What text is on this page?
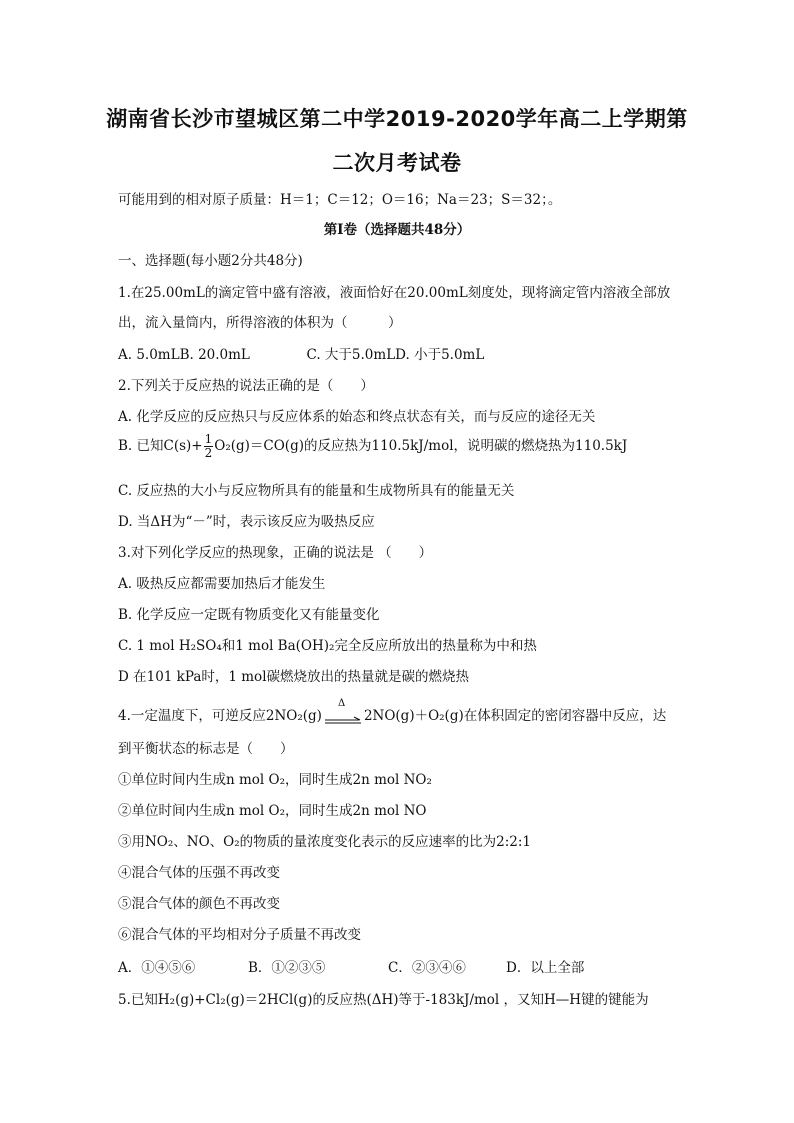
湖南省长沙市望城区第二中学2019-2020学年高二上学期第
二次月考试卷
可能用到的相对原子质量：H＝1；C＝12；O＝16；Na＝23；S＝32；。
第Ⅰ卷（选择题共48分）
一、选择题(每小题2分共48分)
1.在25.00mL的滴定管中盛有溶液，液面恰好在20.00mL刻度处，现将滴定管内溶液全部放
出，流入量筒内，所得溶液的体积为（　　　）
A. 5.0mLB. 20.0mL	C. 大于5.0mLD. 小于5.0mL
2.下列关于反应热的说法正确的是（　　）
A. 化学反应的反应热只与反应体系的始态和终点状态有关，而与反应的途径无关
B. 已知$C(s)+ \frac{1}{2} O_2(g)=CO(g)$的反应热为110.5kJ/mol，说明碳的燃烧热为110.5kJ
C. 反应热的大小与反应物所具有的能量和生成物所具有的能量无关
D. 当ΔH为“－”时，表示该反应为吸热反应
3.对下列化学反应的热现象，正确的说法是 （　　）
A. 吸热反应都需要加热后才能发生
B. 化学反应一定既有物质变化又有能量变化
C. 1 mol H₂SO₄和1 mol Ba(OH)₂完全反应所放出的热量称为中和热
D 在101 kPa时，1 mol碳燃烧放出的热量就是碳的燃烧热
4.一定温度下，可逆反应2NO₂(g)
Δ
2NO(g)＋O₂(g)在体积固定的密闭容器中反应，达
到平衡状态的标志是（　　）
①单位时间内生成n mol O₂，同时生成2n mol NO₂
②单位时间内生成n mol O₂，同时生成2n mol NO
③用NO₂、NO、O₂的物质的量浓度变化表示的反应速率的比为2:2:1
④混合气体的压强不再改变
⑤混合气体的颜色不再改变
⑥混合气体的平均相对分子质量不再改变
A．①④⑤⑥	B．①②③⑤	C．②③④⑥	D．以上全部
5.已知H₂(g)+Cl₂(g)＝2HCl(g)的反应热(ΔH)等于-183kJ/mol ，又知H—H键的键能为
